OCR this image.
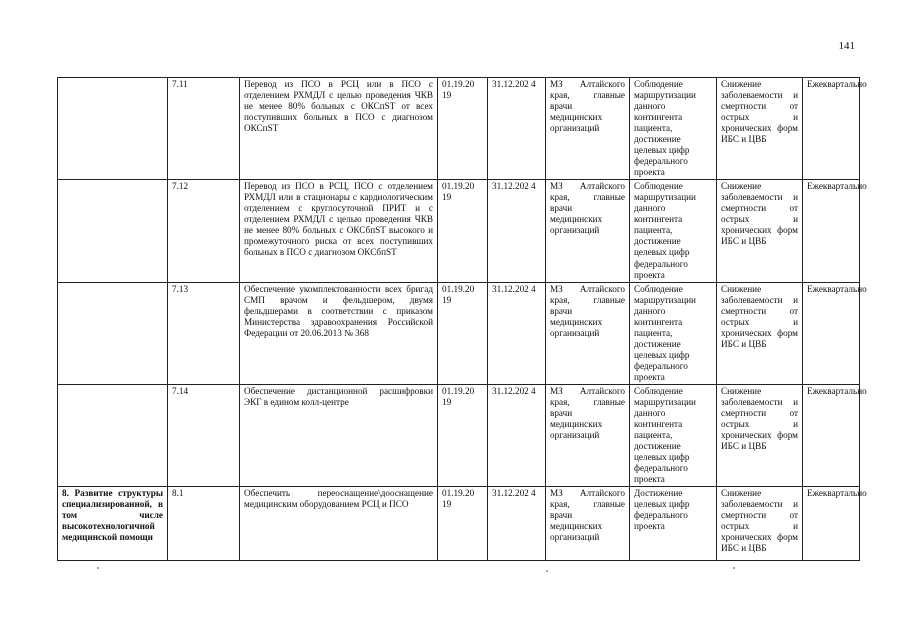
141
	7.11	Перевод из ПСО в РСЦ или в ПСО с отделением РХМДЛ с целью проведения ЧКВ не менее 80% больных с ОКСпST от всех поступивших больных в ПСО с диагнозом ОКСпST	01.19.20 19	31.12.202 4	МЗ Алтайского края, главные врачи медицинских организаций	Соблюдение маршрутизации данного контингента пациента, достижение целевых цифр федерального проекта	Снижение заболеваемости и смертности от острых и хронических форм ИБС и ЦВБ	Ежеквартально
	7.12	Перевод из ПСО в РСЦ, ПСО с отделением РХМДЛ или в стационары с кардиологическим отделением с круглосуточной ПРИТ и с отделением РХМДЛ с целью проведения ЧКВ не менее 80% больных с ОКСбпST высокого и промежуточного риска от всех поступивших больных в ПСО с диагнозом ОКСбпST	01.19.20 19	31.12.202 4	МЗ Алтайского края, главные врачи медицинских организаций	Соблюдение маршрутизации данного контингента пациента, достижение целевых цифр федерального проекта	Снижение заболеваемости и смертности от острых и хронических форм ИБС и ЦВБ	Ежеквартально
	7.13	Обеспечение укомплектованности всех бригад СМП врачом и фельдшером, двумя фельдшерами в соответствии с приказом Министерства здравоохранения Российской Федерации от 20.06.2013 № 368	01.19.20 19	31.12.202 4	МЗ Алтайского края, главные врачи медицинских организаций	Соблюдение маршрутизации данного контингента пациента, достижение целевых цифр федерального проекта	Снижение заболеваемости и смертности от острых и хронических форм ИБС и ЦВБ	Ежеквартально
	7.14	Обеспечение дистанционной расшифровки ЭКГ в едином колл-центре	01.19.20 19	31.12.202 4	МЗ Алтайского края, главные врачи медицинских организаций	Соблюдение маршрутизации данного контингента пациента, достижение целевых цифр федерального проекта	Снижение заболеваемости и смертности от острых и хронических форм ИБС и ЦВБ	Ежеквартально
8. Развитие структуры специализированной, в том числе высокотехнологичной медицинской помощи	8.1	Обеспечить переоснащение\дооснащение медицинским оборудованием РСЦ и ПСО	01.19.20 19	31.12.202 4	МЗ Алтайского края, главные врачи медицинских организаций	Достижение целевых цифр федерального проекта	Снижение заболеваемости и смертности от острых и хронических форм ИБС и ЦВБ	Ежеквартально
